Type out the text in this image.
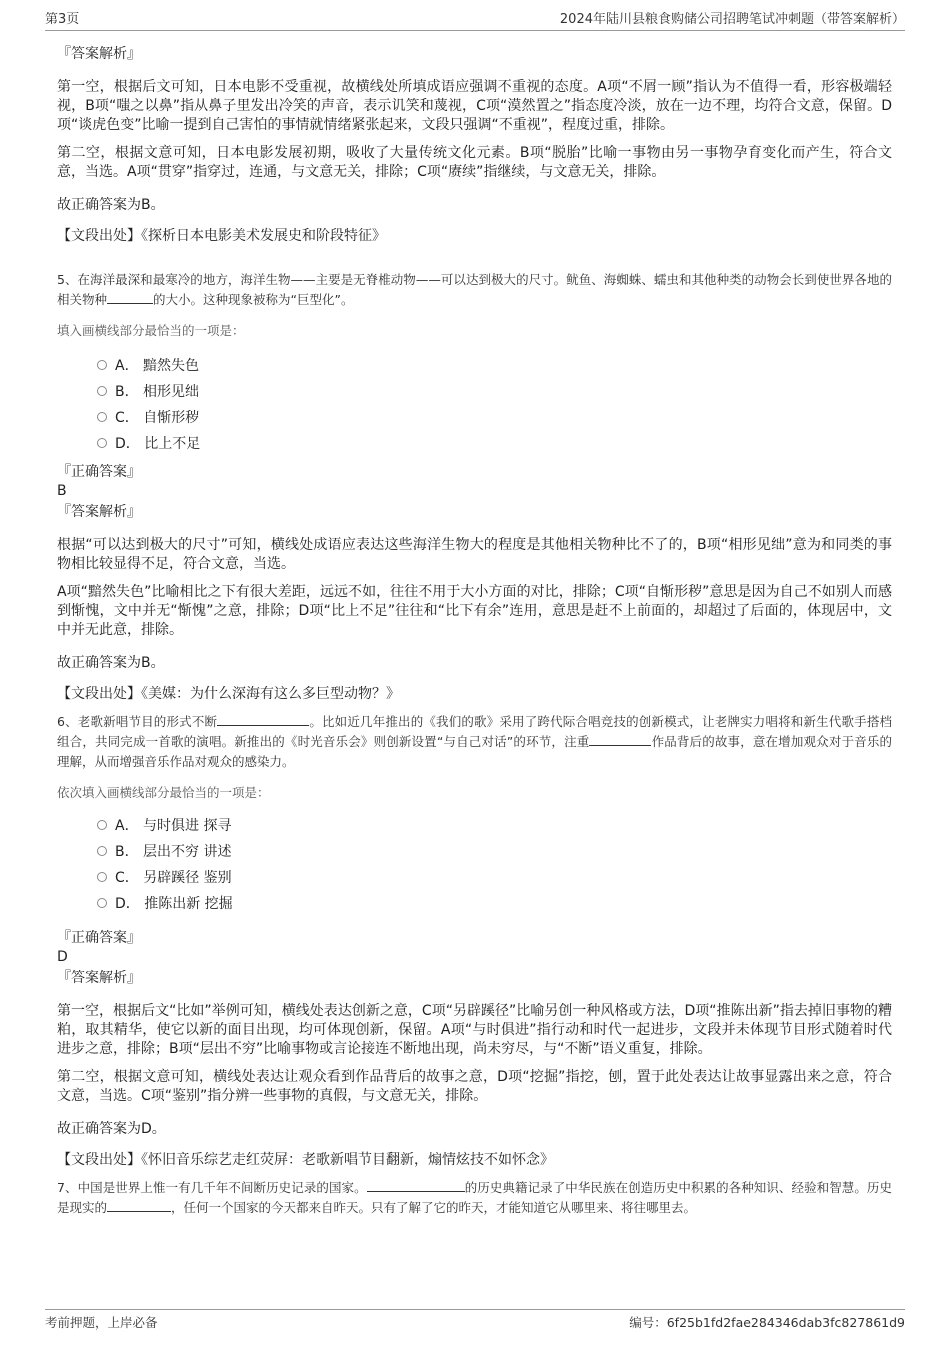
第3页	2024年陆川县粮食购储公司招聘笔试冲刺题（带答案解析）

『答案解析』

第一空，根据后文可知，日本电影不受重视，故横线处所填成语应强调不重视的态度。A项“不屑一顾”指认为不值得一看，形容极端轻视，B项“嗤之以鼻”指从鼻子里发出冷笑的声音，表示讥笑和蔑视，C项“漠然置之”指态度冷淡，放在一边不理，均符合文意，保留。D项“谈虎色变”比喻一提到自己害怕的事情就情绪紧张起来，文段只强调“不重视”，程度过重，排除。

第二空，根据文意可知，日本电影发展初期，吸收了大量传统文化元素。B项“脱胎”比喻一事物由另一事物孕育变化而产生，符合文意，当选。A项“贯穿”指穿过，连通，与文意无关，排除；C项“赓续”指继续，与文意无关，排除。

故正确答案为B。

【文段出处】《探析日本电影美术发展史和阶段特征》

5、在海洋最深和最寒冷的地方，海洋生物——主要是无脊椎动物——可以达到极大的尺寸。鱿鱼、海蜘蛛、蠕虫和其他种类的动物会长到使世界各地的相关物种	的大小。这种现象被称为“巨型化”。

填入画横线部分最恰当的一项是：

A． 黯然失色
B． 相形见绌
C． 自惭形秽
D． 比上不足

『正确答案』

B

『答案解析』

根据“可以达到极大的尺寸”可知，横线处成语应表达这些海洋生物大的程度是其他相关物种比不了的，B项“相形见绌”意为和同类的事物相比较显得不足，符合文意，当选。

A项“黯然失色”比喻相比之下有很大差距，远远不如，往往不用于大小方面的对比，排除；C项“自惭形秽”意思是因为自己不如别人而感到惭愧，文中并无“惭愧”之意，排除；D项“比上不足”往往和“比下有余”连用，意思是赶不上前面的，却超过了后面的，体现居中，文中并无此意，排除。

故正确答案为B。

【文段出处】《美媒：为什么深海有这么多巨型动物？》

6、老歌新唱节目的形式不断	。比如近几年推出的《我们的歌》采用了跨代际合唱竞技的创新模式，让老牌实力唱将和新生代歌手搭档组合，共同完成一首歌的演唱。新推出的《时光音乐会》则创新设置“与自己对话”的环节，注重	作品背后的故事，意在增加观众对于音乐的理解，从而增强音乐作品对观众的感染力。

依次填入画横线部分最恰当的一项是：

A． 与时俱进 探寻
B． 层出不穷 讲述
C． 另辟蹊径 鉴别
D． 推陈出新 挖掘

『正确答案』

D

『答案解析』

第一空，根据后文“比如”举例可知，横线处表达创新之意，C项“另辟蹊径”比喻另创一种风格或方法，D项“推陈出新”指去掉旧事物的糟粕，取其精华，使它以新的面目出现，均可体现创新，保留。A项“与时俱进”指行动和时代一起进步，文段并未体现节目形式随着时代进步之意，排除；B项“层出不穷”比喻事物或言论接连不断地出现，尚未穷尽，与“不断”语义重复，排除。

第二空，根据文意可知，横线处表达让观众看到作品背后的故事之意，D项“挖掘”指挖，刨，置于此处表达让故事显露出来之意，符合文意，当选。C项“鉴别”指分辨一些事物的真假，与文意无关，排除。

故正确答案为D。

【文段出处】《怀旧音乐综艺走红荧屏：老歌新唱节目翻新，煽情炫技不如怀念》

7、中国是世界上惟一有几千年不间断历史记录的国家。	的历史典籍记录了中华民族在创造历史中积累的各种知识、经验和智慧。历史是现实的	，任何一个国家的今天都来自昨天。只有了解了它的昨天，才能知道它从哪里来、将往哪里去。

考前押题，上岸必备	编号：6f25b1fd2fae284346dab3fc827861d9
